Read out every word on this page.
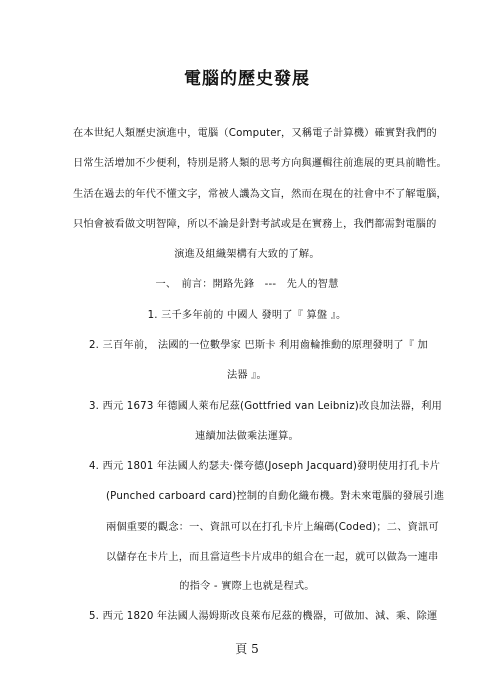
電腦的歷史發展
在本世紀人類歷史演進中，電腦（Computer，又稱電子計算機）確實對我們的
日常生活增加不少便利，特別是將人類的思考方向與邏輯往前進展的更具前瞻性。
生活在過去的年代不懂文字，常被人譏為文盲，然而在現在的社會中不了解電腦，
只怕會被看做文明智障，所以不論是針對考試或是在實務上，我們都需對電腦的
演進及組織架構有大致的了解。
一、　前言：開路先鋒　---　先人的智慧
1. 三千多年前的 中國人 發明了『 算盤 』。
2. 三百年前， 法國的一位數學家 巴斯卡 利用齒輪推動的原理發明了『 加
法器 』。
3. 西元 1673 年德國人萊布尼茲(Gottfried van Leibniz)改良加法器，利用
連續加法做乘法運算。
4. 西元 1801 年法國人約瑟夫‧傑夸德(Joseph Jacquard)發明使用打孔卡片
(Punched carboard card)控制的自動化織布機。對未來電腦的發展引進
兩個重要的觀念：一、資訊可以在打孔卡片上編碼(Coded)；二、資訊可
以儲存在卡片上，而且當這些卡片成串的組合在一起，就可以做為一連串
的指令 - 實際上也就是程式。
5. 西元 1820 年法國人湯姆斯改良萊布尼茲的機器，可做加、減、乘、除運
頁 5
